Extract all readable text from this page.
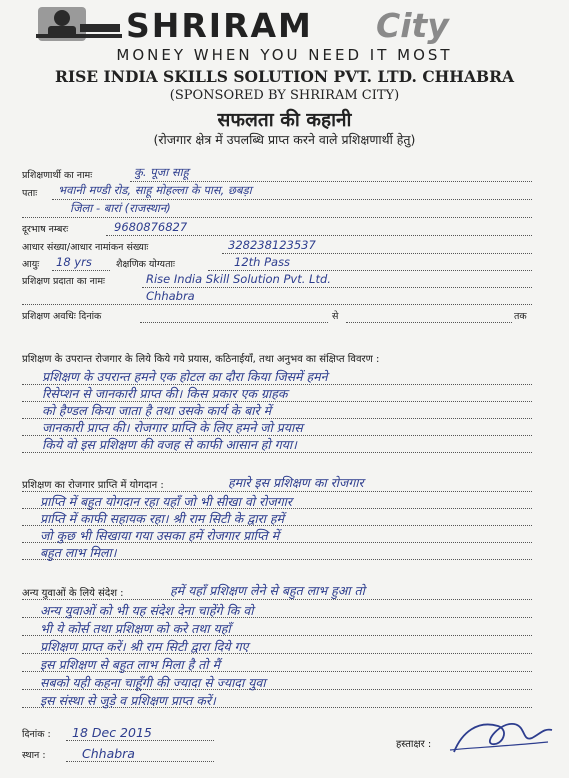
SHRIRAM City
MONEY WHEN YOU NEED IT MOST
RISE INDIA SKILLS SOLUTION PVT. LTD. CHHABRA
(SPONSORED BY SHRIRAM CITY)
सफलता की कहानी
(रोजगार क्षेत्र में उपलब्धि प्राप्त करने वाले प्रशिक्षणार्थी हेतु)
प्रशिक्षणार्थी का नामः	कु. पूजा साहू
पताः भवानी मण्डी रोड, साहू मोहल्ला के पास, छबड़ा
जिला - बारां (राजस्थान)
दूरभाष नम्बरः	9680876827
आधार संख्या/आधार नामांकन संख्याः	328238123537
आयुः 18 yrs	शैक्षणिक योग्यताः	12th Pass
प्रशिक्षण प्रदाता का नामः	Rise India Skill Solution Pvt. Ltd.
Chhabra
प्रशिक्षण अवधिः दिनांक	से	तक
प्रशिक्षण के उपरान्त रोजगार के लिये किये गये प्रयास, कठिनाईयाँ, तथा अनुभव का संक्षिप्त विवरण :
प्रशिक्षण के उपरान्त हमने एक होटल का दौरा किया जिसमें हमने
रिसेप्शन से जानकारी प्राप्त की। किस प्रकार एक ग्राहक
को हैण्डल किया जाता है तथा उसके कार्य के बारे में
जानकारी प्राप्त की। रोजगार प्राप्ति के लिए हमने जो प्रयास
किये वो इस प्रशिक्षण की वजह से काफी आसान हो गया।
प्रशिक्षण का रोजगार प्राप्ति में योगदान :	हमारे इस प्रशिक्षण का रोजगार
प्राप्ति में बहुत योगदान रहा यहाँ जो भी सीखा वो रोजगार
प्राप्ति में काफी सहायक रहा। श्री राम सिटी के द्वारा हमें
जो कुछ भी सिखाया गया उसका हमें रोजगार प्राप्ति में
बहुत लाभ मिला।
अन्य युवाओं के लिये संदेश :	हमें यहाँ प्रशिक्षण लेने से बहुत लाभ हुआ तो
अन्य युवाओं को भी यह संदेश देना चाहेंगे कि वो
भी ये कोर्स तथा प्रशिक्षण को करे तथा यहाँ
प्रशिक्षण प्राप्त करें। श्री राम सिटी द्वारा दिये गए
इस प्रशिक्षण से बहुत लाभ मिला है तो मैं
सबको यही कहना चाहूँगी की ज्यादा से ज्यादा युवा
इस संस्था से जुड़े व प्रशिक्षण प्राप्त करें।
दिनांक : 18 Dec 2015
स्थान :	Chhabra
हस्ताक्षर :
